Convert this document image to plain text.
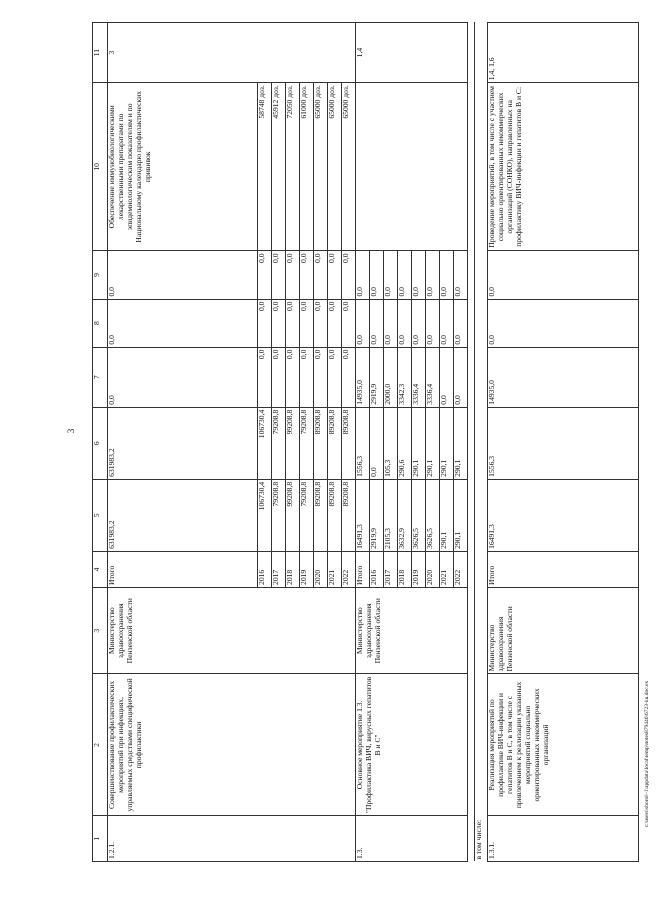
3
c:\users\sborol~1\appdata\local\temp\notes879446\6723-ku.doc.ex
1	2	3	4	5	6	7	8	9	10	11
1.2.1.	Совершенствование профилактических мероприятий при инфекциях, управляемых средствами специфической профилактики	Министерство здравоохранения Пензенской области	Итого	631983,2	631983,2	0,0	0,0	0,0	Обеспечение иммунобиологическими лекарственными препаратами по эпидемиологическим показателям и по Национальному календарю профилактических прививок	3
			2016	106730,4	106730,4	0,0	0,0	0,0	58748 доз.	
			2017	79208,8	79208,8	0,0	0,0	0,0	45912 доз.	
			2018	99208,8	99208,8	0,0	0,0	0,0	72050 доз.	
			2019	79208,8	79208,8	0,0	0,0	0,0	61000 доз.	
			2020	89208,8	89208,8	0,0	0,0	0,0	65000 доз.	
			2021	89208,8	89208,8	0,0	0,0	0,0	65000 доз.	
			2022	89208,8	89208,8	0,0	0,0	0,0	65000 доз.	
1.3.	Основное мероприятие 1.3. "Профилактика ВИЧ, вирусных гепатитов В и С"	Министерство здравоохранения Пензенской области	Итого	16491,3	1556,3	14935,0	0,0	0,0		1,4
			2016	2919,9	0,0	2919,9	0,0	0,0		
			2017	2105,3	105,3	2000,0	0,0	0,0		
			2018	3632,9	290,6	3342,3	0,0	0,0		
			2019	3626,5	290,1	3336,4	0,0	0,0		
			2020	3626,5	290,1	3336,4	0,0	0,0		
			2021	290,1	290,1	0,0	0,0	0,0		
			2022	290,1	290,1	0,0	0,0	0,0		

в том числе:										
1.3.1.	Реализация мероприятий по профилактике ВИЧ-инфекции и гепатитов В и С, в том числе с привлечением к реализации указанных мероприятий социально ориентированных некоммерческих организаций	Министерство здравоохранения Пензенской области	Итого	16491,3	1556,3	14935,0	0,0	0,0	Проведение мероприятий, в том числе с участием социально ориентированных некоммерческих организаций (СОНКО), направленных на профилактику ВИЧ-инфекции и гепатитов В и С:	1,4, 1,6
